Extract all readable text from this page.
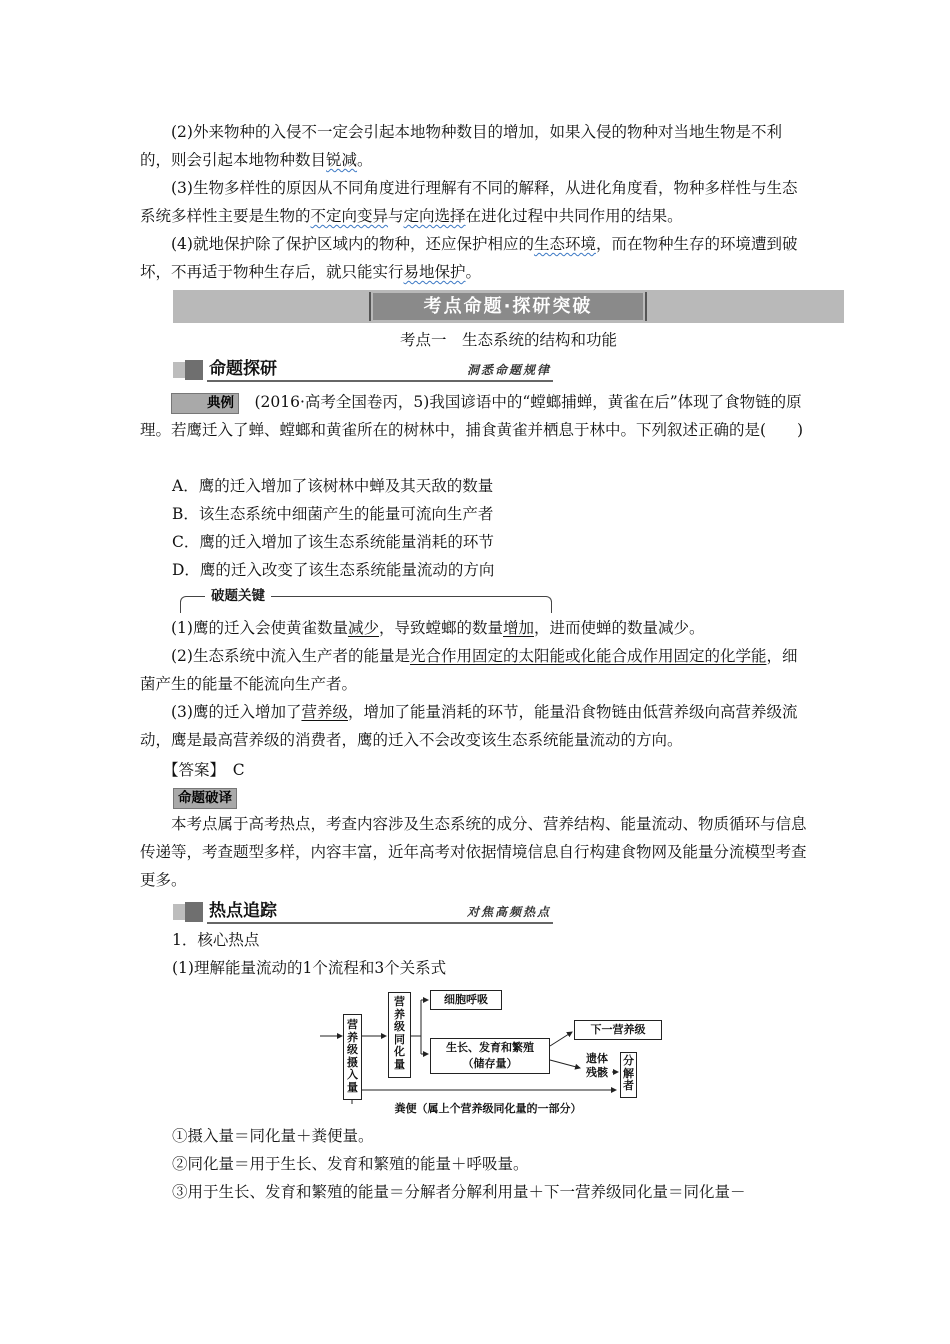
(2)外来物种的入侵不一定会引起本地物种数目的增加，如果入侵的物种对当地生物是不利的，则会引起本地物种数目锐减。

(3)生物多样性的原因从不同角度进行理解有不同的解释，从进化角度看，物种多样性与生态系统多样性主要是生物的不定向变异与定向选择在进化过程中共同作用的结果。

(4)就地保护除了保护区域内的物种，还应保护相应的生态环境，而在物种生存的环境遭到破坏，不再适于物种生存后，就只能实行易地保护。

考点命题·探研突破
考点一　生态系统的结构和功能
命题探研	洞悉命题规律

典例　(2016·高考全国卷丙，5)我国谚语中的“螳螂捕蝉，黄雀在后”体现了食物链的原理。若鹰迁入了蝉、螳螂和黄雀所在的树林中，捕食黄雀并栖息于林中。下列叙述正确的是(　　)

A．鹰的迁入增加了该树林中蝉及其天敌的数量

B．该生态系统中细菌产生的能量可流向生产者

C．鹰的迁入增加了该生态系统能量消耗的环节

D．鹰的迁入改变了该生态系统能量流动的方向

破题关键

(1)鹰的迁入会使黄雀数量减少，导致螳螂的数量增加，进而使蝉的数量减少。

(2)生态系统中流入生产者的能量是光合作用固定的太阳能或化能合成作用固定的化学能，细菌产生的能量不能流向生产者。

(3)鹰的迁入增加了营养级，增加了能量消耗的环节，能量沿食物链由低营养级向高营养级流动，鹰是最高营养级的消费者，鹰的迁入不会改变该生态系统能量流动的方向。

【答案】　C

命题破译

本考点属于高考热点，考查内容涉及生态系统的成分、营养结构、能量流动、物质循环与信息传递等，考查题型多样，内容丰富，近年高考对依据情境信息自行构建食物网及能量分流模型考查更多。

热点追踪	对焦高频热点

1．核心热点

(1)理解能量流动的1个流程和3个关系式

营养级摄入量
营养级同化量
细胞呼吸
生长、发育和繁殖
（储存量）
下一营养级
遗体残骸
分解者
粪便（属上个营养级同化量的一部分）

①摄入量＝同化量＋粪便量。

②同化量＝用于生长、发育和繁殖的能量＋呼吸量。

③用于生长、发育和繁殖的能量＝分解者分解利用量＋下一营养级同化量＝同化量－
